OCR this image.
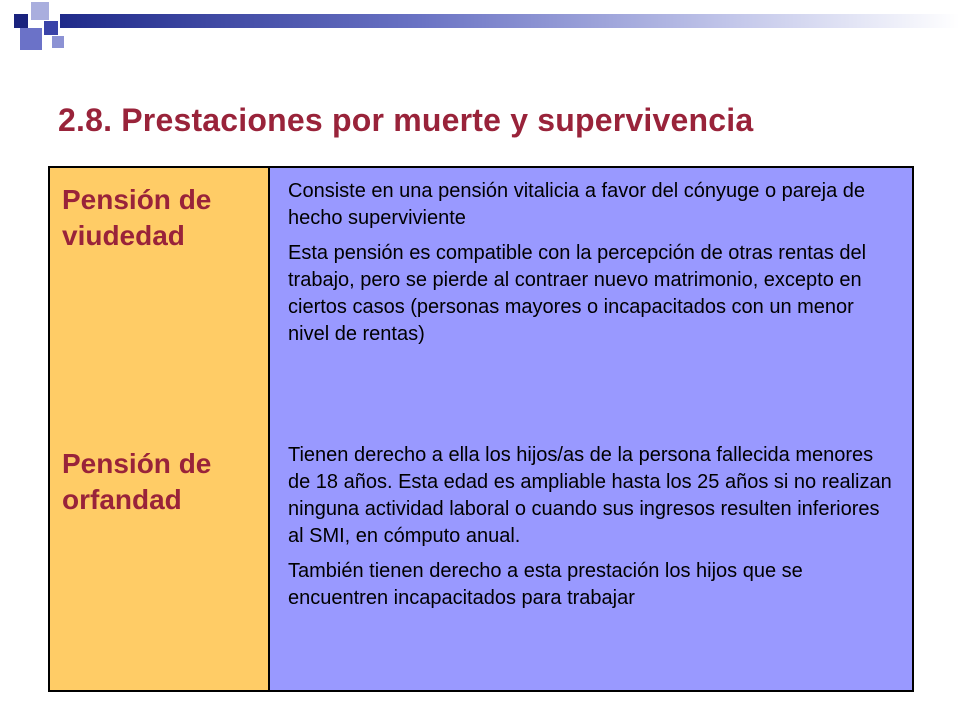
2.8. Prestaciones por muerte y supervivencia
Pensión de viudedad

Consiste en una pensión vitalicia a favor del cónyuge o pareja de hecho superviviente

Esta pensión es compatible con la percepción de otras rentas del trabajo, pero se pierde al contraer nuevo matrimonio, excepto en ciertos casos (personas mayores o incapacitados con un menor nivel de rentas)

Pensión de orfandad

Tienen derecho a ella los hijos/as de la persona fallecida menores de 18 años. Esta edad es ampliable hasta los 25 años si no realizan ninguna actividad laboral o cuando sus ingresos resulten inferiores al SMI, en cómputo anual.

También tienen derecho a esta prestación los hijos que se encuentren incapacitados para trabajar
